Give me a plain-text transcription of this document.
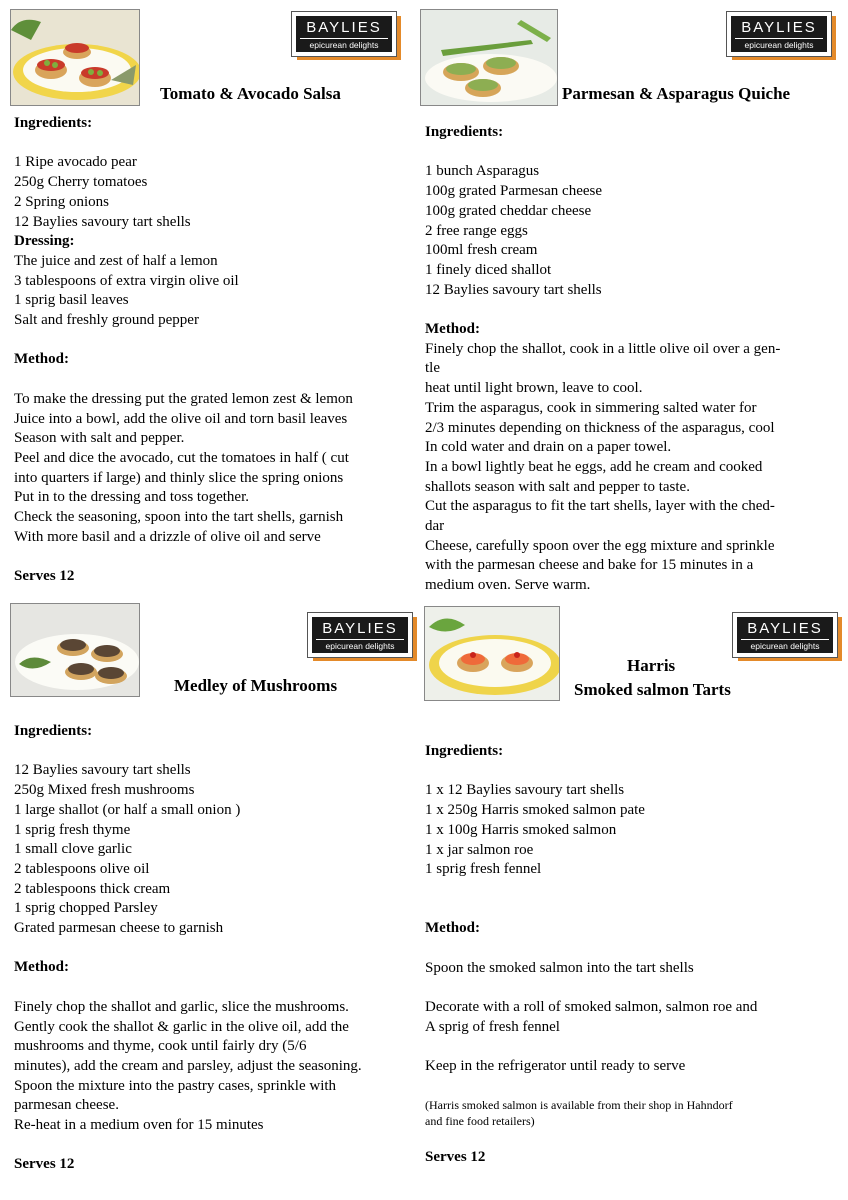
BAYLIES
epicurean delights
Tomato & Avocado Salsa

Ingredients:

1 Ripe avocado pear

250g Cherry tomatoes

2 Spring onions

12 Baylies savoury tart shells

Dressing:

The juice and zest of half a lemon

3 tablespoons of extra virgin olive oil

1 sprig basil leaves

Salt and freshly ground pepper

Method:

To make the dressing put the grated lemon zest & lemon

Juice into a bowl, add the olive oil and torn basil leaves

Season with salt and pepper.

Peel and dice the avocado, cut the tomatoes in half ( cut

into quarters if large) and thinly slice the spring onions

Put in to the dressing and toss together.

Check the seasoning, spoon into the tart shells, garnish

With more basil and a drizzle of olive oil and serve

Serves 12

BAYLIES
epicurean delights
Parmesan & Asparagus Quiche

Ingredients:

1 bunch Asparagus

100g grated Parmesan cheese

100g grated cheddar cheese

2 free range eggs

100ml fresh cream

1 finely diced shallot

12 Baylies savoury tart shells

Method:

Finely chop the shallot, cook in a little olive oil over a gen-

tle

heat until light brown, leave to cool.

Trim the asparagus, cook in simmering salted water for

2/3 minutes depending on thickness of the asparagus, cool

In cold water and drain on a paper towel.

In a bowl lightly beat he eggs, add he cream and cooked

shallots season with salt and pepper to taste.

Cut the asparagus to fit the tart shells, layer with the ched-

dar

Cheese, carefully spoon over the egg mixture and sprinkle

with the parmesan cheese and bake for 15 minutes in a

medium oven. Serve warm.

BAYLIES
epicurean delights
Medley of Mushrooms

Ingredients:

12 Baylies savoury tart shells

250g Mixed fresh mushrooms

1 large shallot (or half a small onion )

1 sprig fresh thyme

1 small clove garlic

2 tablespoons olive oil

2 tablespoons thick cream

1 sprig chopped Parsley

Grated parmesan cheese to garnish

Method:

Finely chop the shallot and garlic, slice the mushrooms.

Gently cook the shallot & garlic in the olive oil, add the

mushrooms and thyme, cook until fairly dry (5/6

minutes), add the cream and parsley, adjust the seasoning.

Spoon the mixture into the pastry cases, sprinkle with

parmesan cheese.

Re-heat in a medium oven for 15 minutes

Serves 12

BAYLIES
epicurean delights
Harris
Smoked salmon Tarts

Ingredients:

1 x 12 Baylies savoury tart shells

1 x 250g Harris smoked salmon pate

1 x 100g Harris smoked salmon

1 x jar salmon roe

1 sprig fresh fennel

Method:

Spoon the smoked salmon into the tart shells

Decorate with a roll of smoked salmon, salmon roe and

A sprig of fresh fennel

Keep in the refrigerator until ready to serve

(Harris smoked salmon is available from their shop in Hahndorf

and fine food retailers)

Serves 12
